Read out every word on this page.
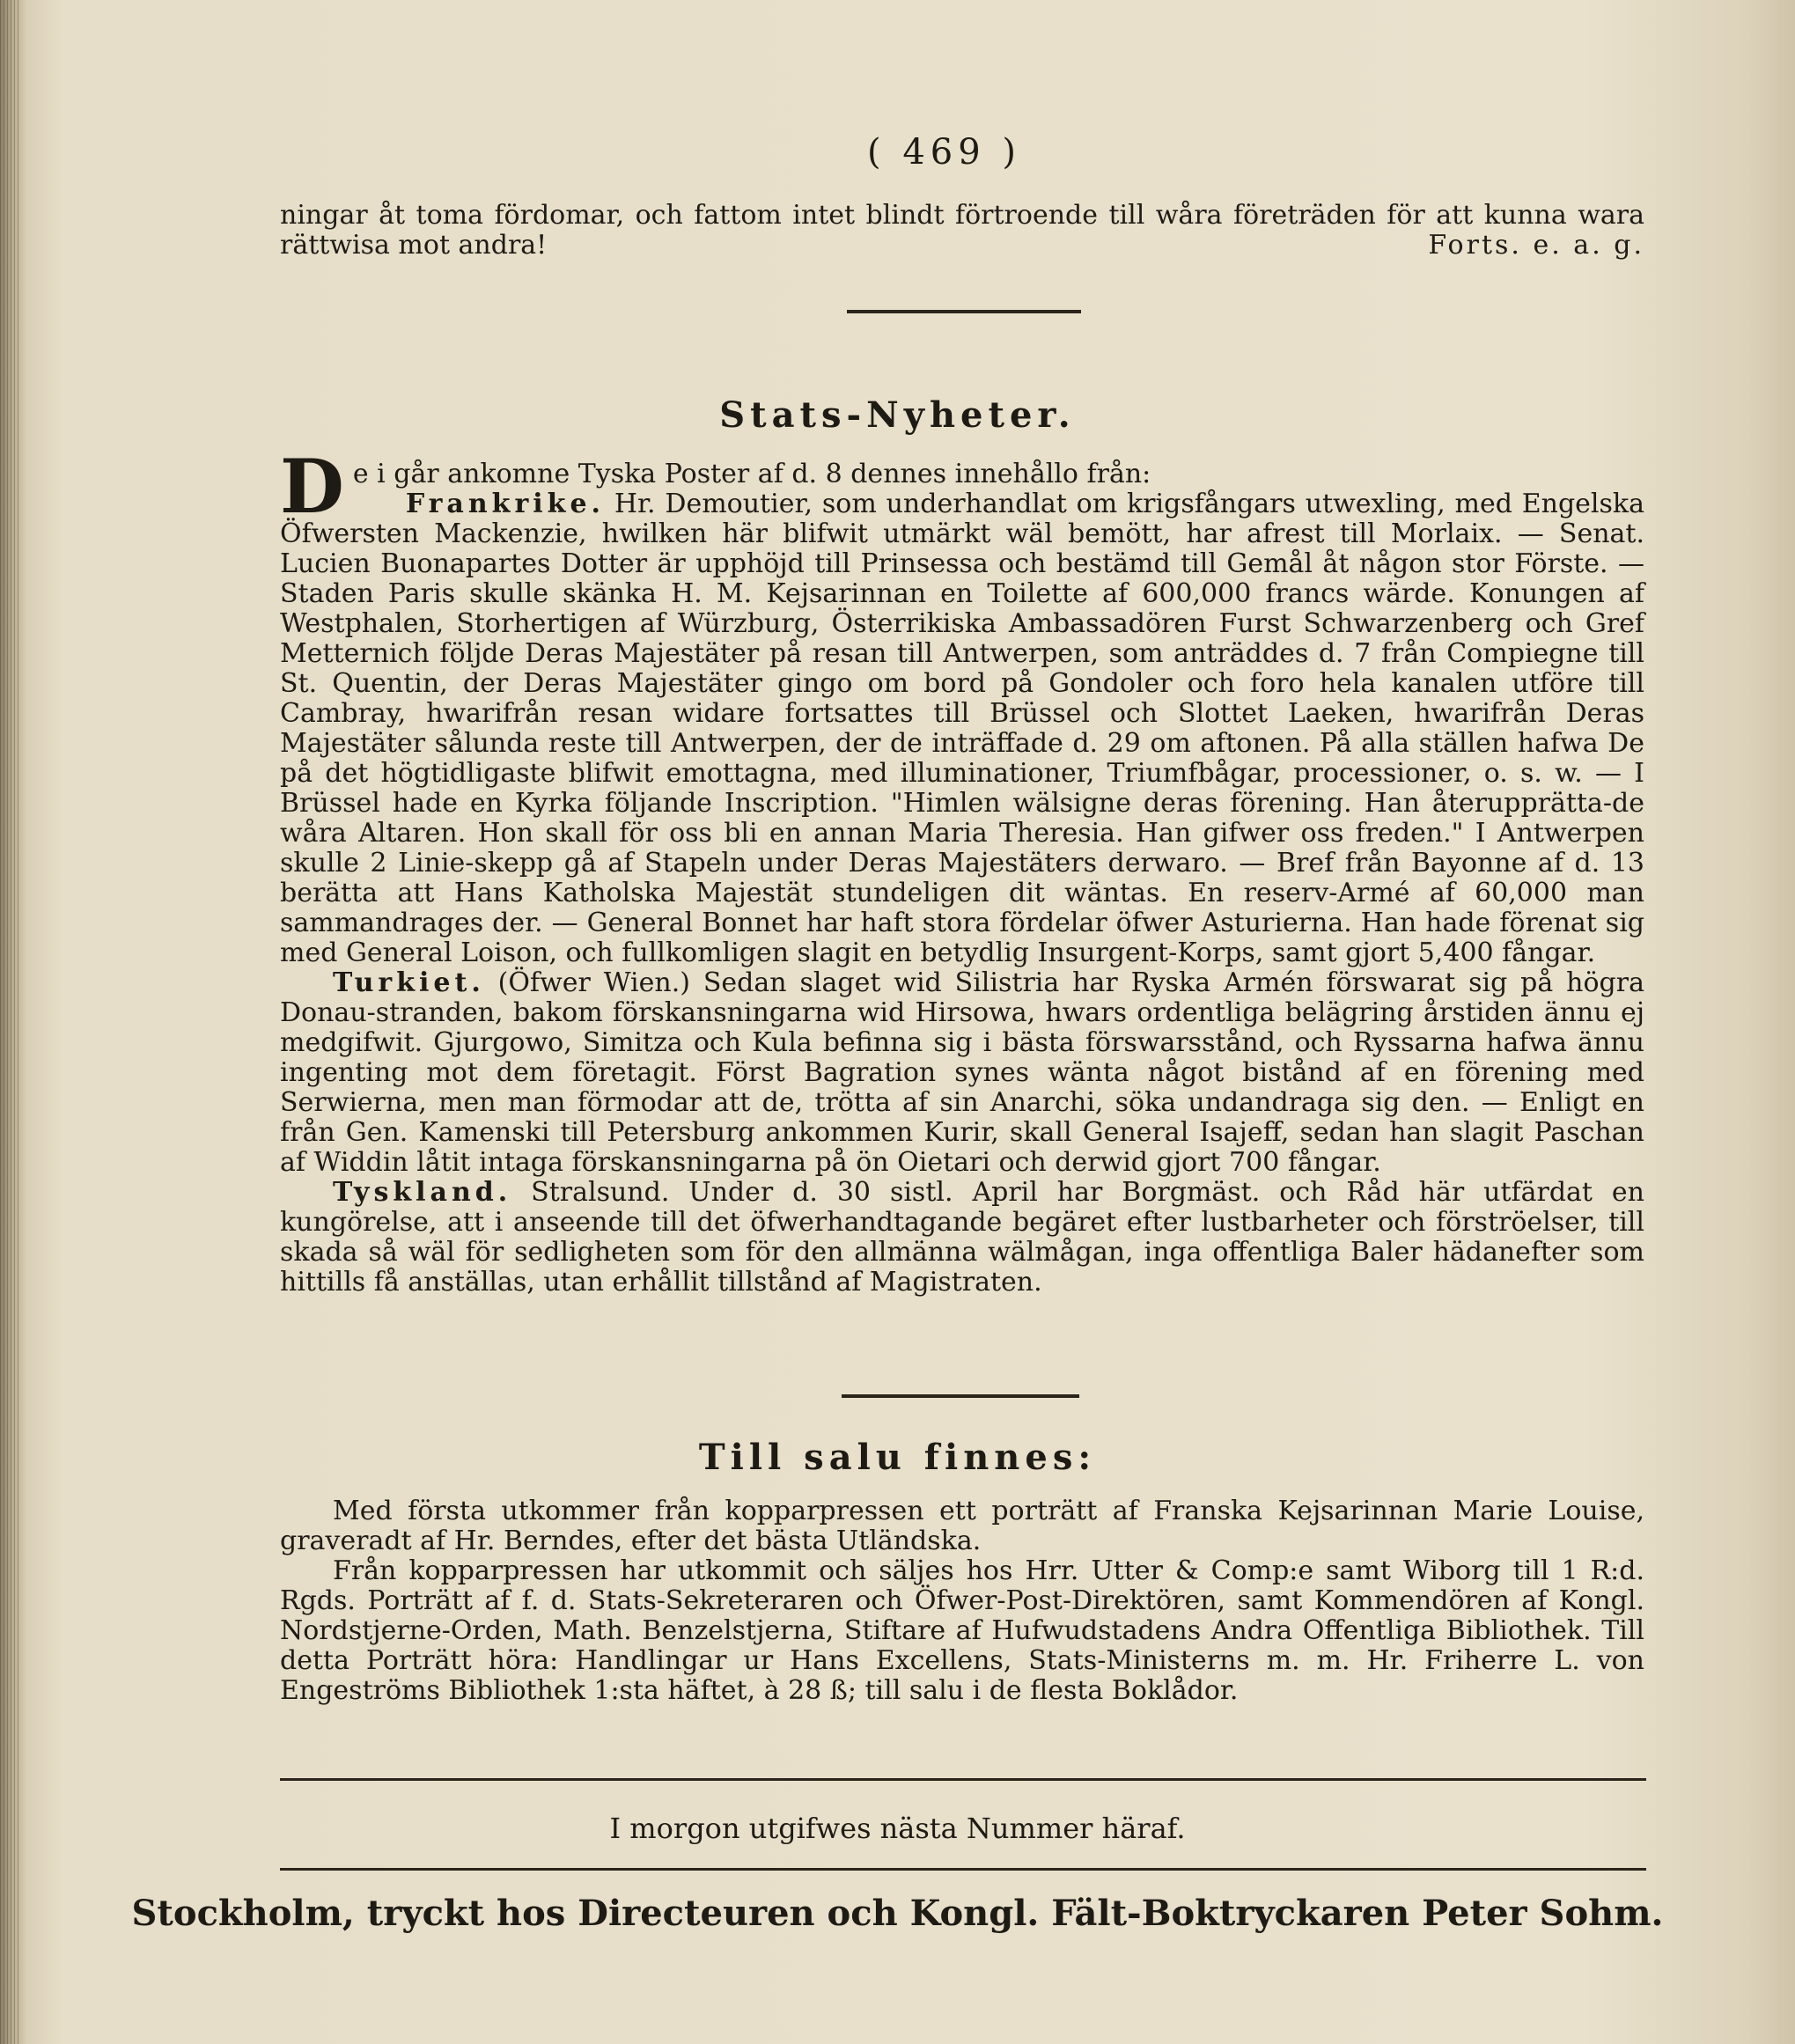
( 469 )

ningar åt toma fördomar, och fattom intet blindt förtroende till wåra företräden för att kunna wara rättwisa mot andra!	Forts. e. a. g.

Stats-Nyheter.

D e i går ankomne Tyska Poster af d. 8 dennes innehållo från:

Frankrike. Hr. Demoutier, som underhandlat om krigsfångars utwexling, med Engelska Öfwersten Mackenzie, hwilken här blifwit utmärkt wäl bemött, har afrest till Morlaix. — Senat. Lucien Buonapartes Dotter är upphöjd till Prinsessa och bestämd till Gemål åt någon stor Förste. — Staden Paris skulle skänka H. M. Kejsarinnan en Toilette af 600,000 francs wärde. Konungen af Westphalen, Storhertigen af Würzburg, Österrikiska Ambassadören Furst Schwarzenberg och Gref Metternich följde Deras Majestäter på resan till Antwerpen, som anträddes d. 7 från Compiegne till St. Quentin, der Deras Majestäter gingo om bord på Gondoler och foro hela kanalen utföre till Cambray, hwarifrån resan widare fortsattes till Brüssel och Slottet Laeken, hwarifrån Deras Majestäter sålunda reste till Antwerpen, der de inträffade d. 29 om aftonen. På alla ställen hafwa De på det högtidligaste blifwit emottagna, med illuminationer, Triumfbågar, processioner, o. s. w. — I Brüssel hade en Kyrka följande Inscription. "Himlen wälsigne deras förening. Han återupprätta-de wåra Altaren. Hon skall för oss bli en annan Maria Theresia. Han gifwer oss freden." I Antwerpen skulle 2 Linie-skepp gå af Stapeln under Deras Majestäters derwaro. — Bref från Bayonne af d. 13 berätta att Hans Katholska Majestät stundeligen dit wäntas. En reserv-Armé af 60,000 man sammandrages der. — General Bonnet har haft stora fördelar öfwer Asturierna. Han hade förenat sig med General Loison, och fullkomligen slagit en betydlig Insurgent-Korps, samt gjort 5,400 fångar.

Turkiet. (Öfwer Wien.) Sedan slaget wid Silistria har Ryska Armén förswarat sig på högra Donau-stranden, bakom förskansningarna wid Hirsowa, hwars ordentliga belägring årstiden ännu ej medgifwit. Gjurgowo, Simitza och Kula befinna sig i bästa förswarsstånd, och Ryssarna hafwa ännu ingenting mot dem företagit. Först Bagration synes wänta något bistånd af en förening med Serwierna, men man förmodar att de, trötta af sin Anarchi, söka undandraga sig den. — Enligt en från Gen. Kamenski till Petersburg ankommen Kurir, skall General Isajeff, sedan han slagit Paschan af Widdin låtit intaga förskansningarna på ön Oietari och derwid gjort 700 fångar.

Tyskland. Stralsund. Under d. 30 sistl. April har Borgmäst. och Råd här utfärdat en kungörelse, att i anseende till det öfwerhandtagande begäret efter lustbarheter och förströelser, till skada så wäl för sedligheten som för den allmänna wälmågan, inga offentliga Baler hädanefter som hittills få anställas, utan erhållit tillstånd af Magistraten.

Till salu finnes:

Med första utkommer från kopparpressen ett porträtt af Franska Kejsarinnan Marie Louise, graveradt af Hr. Berndes, efter det bästa Utländska.

Från kopparpressen har utkommit och säljes hos Hrr. Utter & Comp:e samt Wiborg till 1 R:d. Rgds. Porträtt af f. d. Stats-Sekreteraren och Öfwer-Post-Direktören, samt Kommendören af Kongl. Nordstjerne-Orden, Math. Benzelstjerna, Stiftare af Hufwudstadens Andra Offentliga Bibliothek. Till detta Porträtt höra: Handlingar ur Hans Excellens, Stats-Ministerns m. m. Hr. Friherre L. von Engeströms Bibliothek 1:sta häftet, à 28 ß; till salu i de flesta Boklådor.

I morgon utgifwes nästa Nummer häraf.
Stockholm, tryckt hos Directeuren och Kongl. Fält-Boktryckaren Peter Sohm.
